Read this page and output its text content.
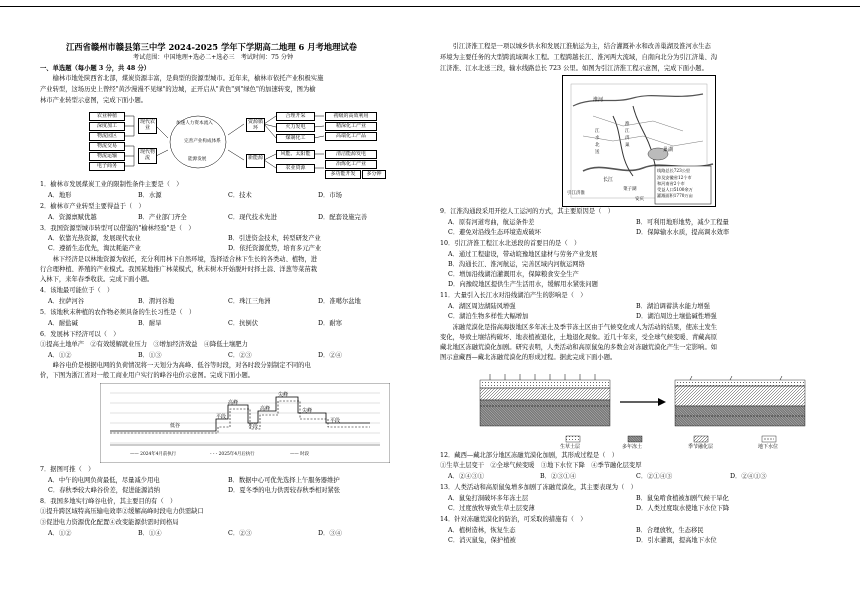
江西省赣州市赣县第三中学 2024-2025 学年下学期高二地理 6 月考地理试卷
考试范围：中国地理+选必二+选必三　考试时间：75 分钟
一、单选题（每小题 3 分，共 48 分）
　　榆林市地处陕西省北部，煤炭资源丰富，是典型的资源型城市。近年来，榆林市依托产业积极实施
产业转型，这场历史上曾经"黄沙漫漫不见绿"的边城，正开启从"黄色"到"绿色"的加速转变，图为榆
林市产业转型示意图，完成下面小题。
农业种植
深度加工
物流园区
物流交易
物流运输
电子商务
现代农业
现代物流
加速人力资本流入
完善产业构成体系
能源发展
资源循环
新能源
合理开采
火力发电
煤制化工
风能、太阳能
农业资源
初级的高效利用
精深化工产业
高端化工产品
清洁能源发电
冶炼化工产业
多功能开发	多分钟
1．榆林市发展煤炭工业的限制性条件主要是（　）
A．地形	B．水源	C．技术	D．市场
2．榆林市产业转型主要得益于（　）
A．资源禀赋优越	B．产业部门齐全	C．现代技术先进	D．配套设施完善
3．我国资源型城市转型可以借鉴的"榆林经验"是（　）
A．依靠光热资源，发展现代农业	B．引进资金技术，转型研发产业
C．遵循生态优先，淘汰耗能产业	D．依托资源优势，培育多元产业
　　林下经济是以林地资源为依托，充分利用林下自然环境，选择适合林下生长的各类动、植物，进
行合理种植、养殖的产业模式。我国某地推广林菜模式，秋末树木开始脱叶时择土蒜、洋葱等菜苗栽
入林下，来年春季收获。完成下面小题。
4．该地最可能位于（　）
A．拉萨河谷	B．渭河谷地	C．珠江三角洲	D．准噶尔盆地
5．该地秋末种植的农作物必须具备的生长习性是（　）
A．耐盐碱	B．耐旱	C．抗倒伏	D．耐寒
6．发展林下经济可以（　）
①提高土地单产　②有效缓解就业压力　③增加经济效益　④降低土壤肥力
A．①②	B．①③	C．②③	D．②④
　　峰谷电价是根据电网的负荷情况将一天划分为高峰、低谷等时段，对各时段分别制定不同的电
价，下图为浙江省对一般工商业用户实行的峰谷电价示意图。完成下面小题。
低谷
平段
高峰
平段
高峰
尖峰
尖峰
平段
—— 2024年4月前执行	- - - 2025年4月后执行	—— 时段
7．据图可推（　）
A．中午的电网负荷最低，尽量减少用电	B．数据中心可优先选择上午服务器维护
C．春秋季较大峰谷价差，促进能源消纳	D．夏冬季的电力供需较春秋季相对紧张
8．我国多地实行峰谷电价，其主要目的有（　）
①提升跨区域特高压输电效率②缓解高峰时段电力供需缺口
③促进电力资源优化配置④改变能源供需时间格局
A．①②	B．①④	C．②③	D．③④
　　引江济淮工程是一项以城乡供水和发展江淮航运为主，结合灌溉补水和改善巢湖及淮河水生态
环境为主要任务的大型跨流域调水工程。工程跨越长江、淮河两大流域，自南向北分为引江济巢、沟
江济淮、江水北送三段，输水线路总长 723 公里。如图为引江济淮工程示意图，完成下面小题。
淮河
巢湖
长江
淮
江
济
巢
江
水
北
送
菜子湖
引江济淮
安庆
线路总长723公里
涉及安徽省12个市
和河南省2个市
受益人口5100余万
灌溉面积1770万亩
9．江淮沟通段采用开挖人工运河的方式，其主要原因是（　）
A．原有河道弯曲，航运条件差	B．可利用地形地势，减少工程量
C．避免对沿线生态环境造成破坏	D．保障输水水质，提高调水效率
10．引江济淮工程江水北送段的首要目的是（　）
A．通过工程建设，带动皖豫地区建材与劳务产业发展
B．沟通长江、淮河航运，完善区域内河航运网络
C．增加沿线湖泊灌溉用水，保障粮食安全生产
D．向豫皖地区提供生产生活用水，缓解用水紧张问题
11．大量引入长江水对沿线湖泊产生的影响是（　）
A．湖区周边湖陆风增强	B．湖泊调蓄洪水能力增强
C．湖泊生物多样性大幅增加	D．湖泊周边土壤盐碱性增强
　　冻融荒漠化是指高海拔地区多年冻土及季节冻土区由于气候变化或人为活动的结果，使冻土发生
变化，导致土壤结构破坏、地表植被退化，土地退化现象。近几十年来，受全球气候变暖、青藏高原
藏北地区冻融荒漠化加剧。研究表明，人类活动和高原鼠兔的多数会对冻融荒漠化产生一定影响。如
图示意藏西—藏北冻融荒漠化的形成过程。据此完成下面小题。
生草土层	多年冻土	季节融化层	地下水位
12．藏西—藏北部分地区冻融荒漠化加剧，其形成过程是（　）
①生草土层变干　②全球气候变暖　③地下水位下降　④季节融化层变厚
A．②④③①	B．②③①④	C．②①④③	D．②④①③
13．人类活动和高原鼠兔增多加剧了冻融荒漠化，其主要表现为（　）
A．鼠兔打洞破坏多年冻土层	B．鼠兔啃食植被加剧气候干旱化
C．过度放牧导致生草土层变薄	D．人类过度取水使地下水位下降
14．针对冻融荒漠化的防治，可采取的措施有（　）
A．植树造林，恢复生态	B．合理放牧，生态移民
C．消灭鼠兔，保护植被	D．引水灌溉，提高地下水位
